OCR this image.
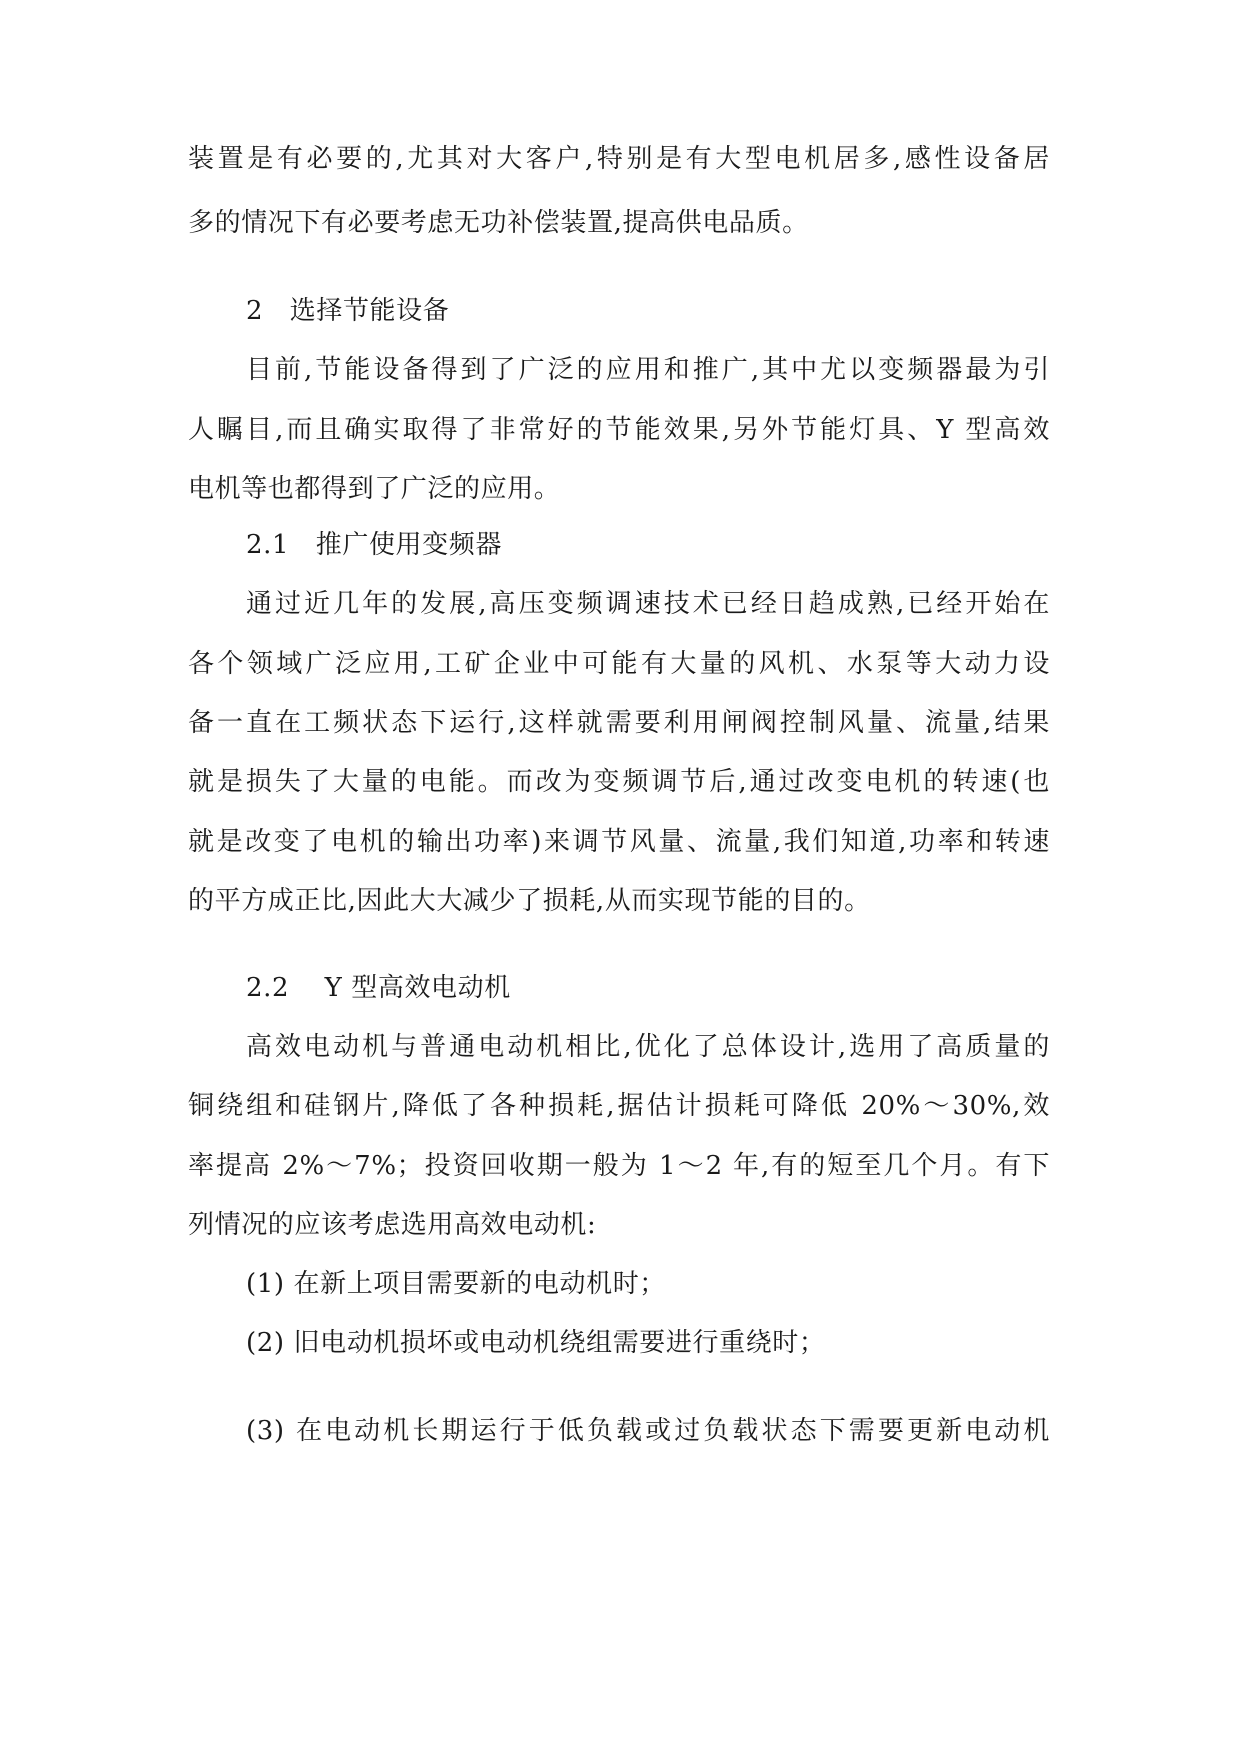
装置是有必要的,尤其对大客户,特别是有大型电机居多,感性设备居
多的情况下有必要考虑无功补偿装置,提高供电品质。
2　选择节能设备
目前,节能设备得到了广泛的应用和推广,其中尤以变频器最为引
人瞩目,而且确实取得了非常好的节能效果,另外节能灯具、Y 型高效
电机等也都得到了广泛的应用。
2.1　推广使用变频器
通过近几年的发展,高压变频调速技术已经日趋成熟,已经开始在
各个领域广泛应用,工矿企业中可能有大量的风机、水泵等大动力设
备一直在工频状态下运行,这样就需要利用闸阀控制风量、流量,结果
就是损失了大量的电能。而改为变频调节后,通过改变电机的转速(也
就是改变了电机的输出功率)来调节风量、流量,我们知道,功率和转速
的平方成正比,因此大大减少了损耗,从而实现节能的目的。
2.2　 Y 型高效电动机
高效电动机与普通电动机相比,优化了总体设计,选用了高质量的
铜绕组和硅钢片,降低了各种损耗,据估计损耗可降低 20%～30%,效
率提高 2%～7%；投资回收期一般为 1～2 年,有的短至几个月。有下
列情况的应该考虑选用高效电动机:
(1) 在新上项目需要新的电动机时；
(2) 旧电动机损坏或电动机绕组需要进行重绕时；
(3) 在电动机长期运行于低负载或过负载状态下需要更新电动机
